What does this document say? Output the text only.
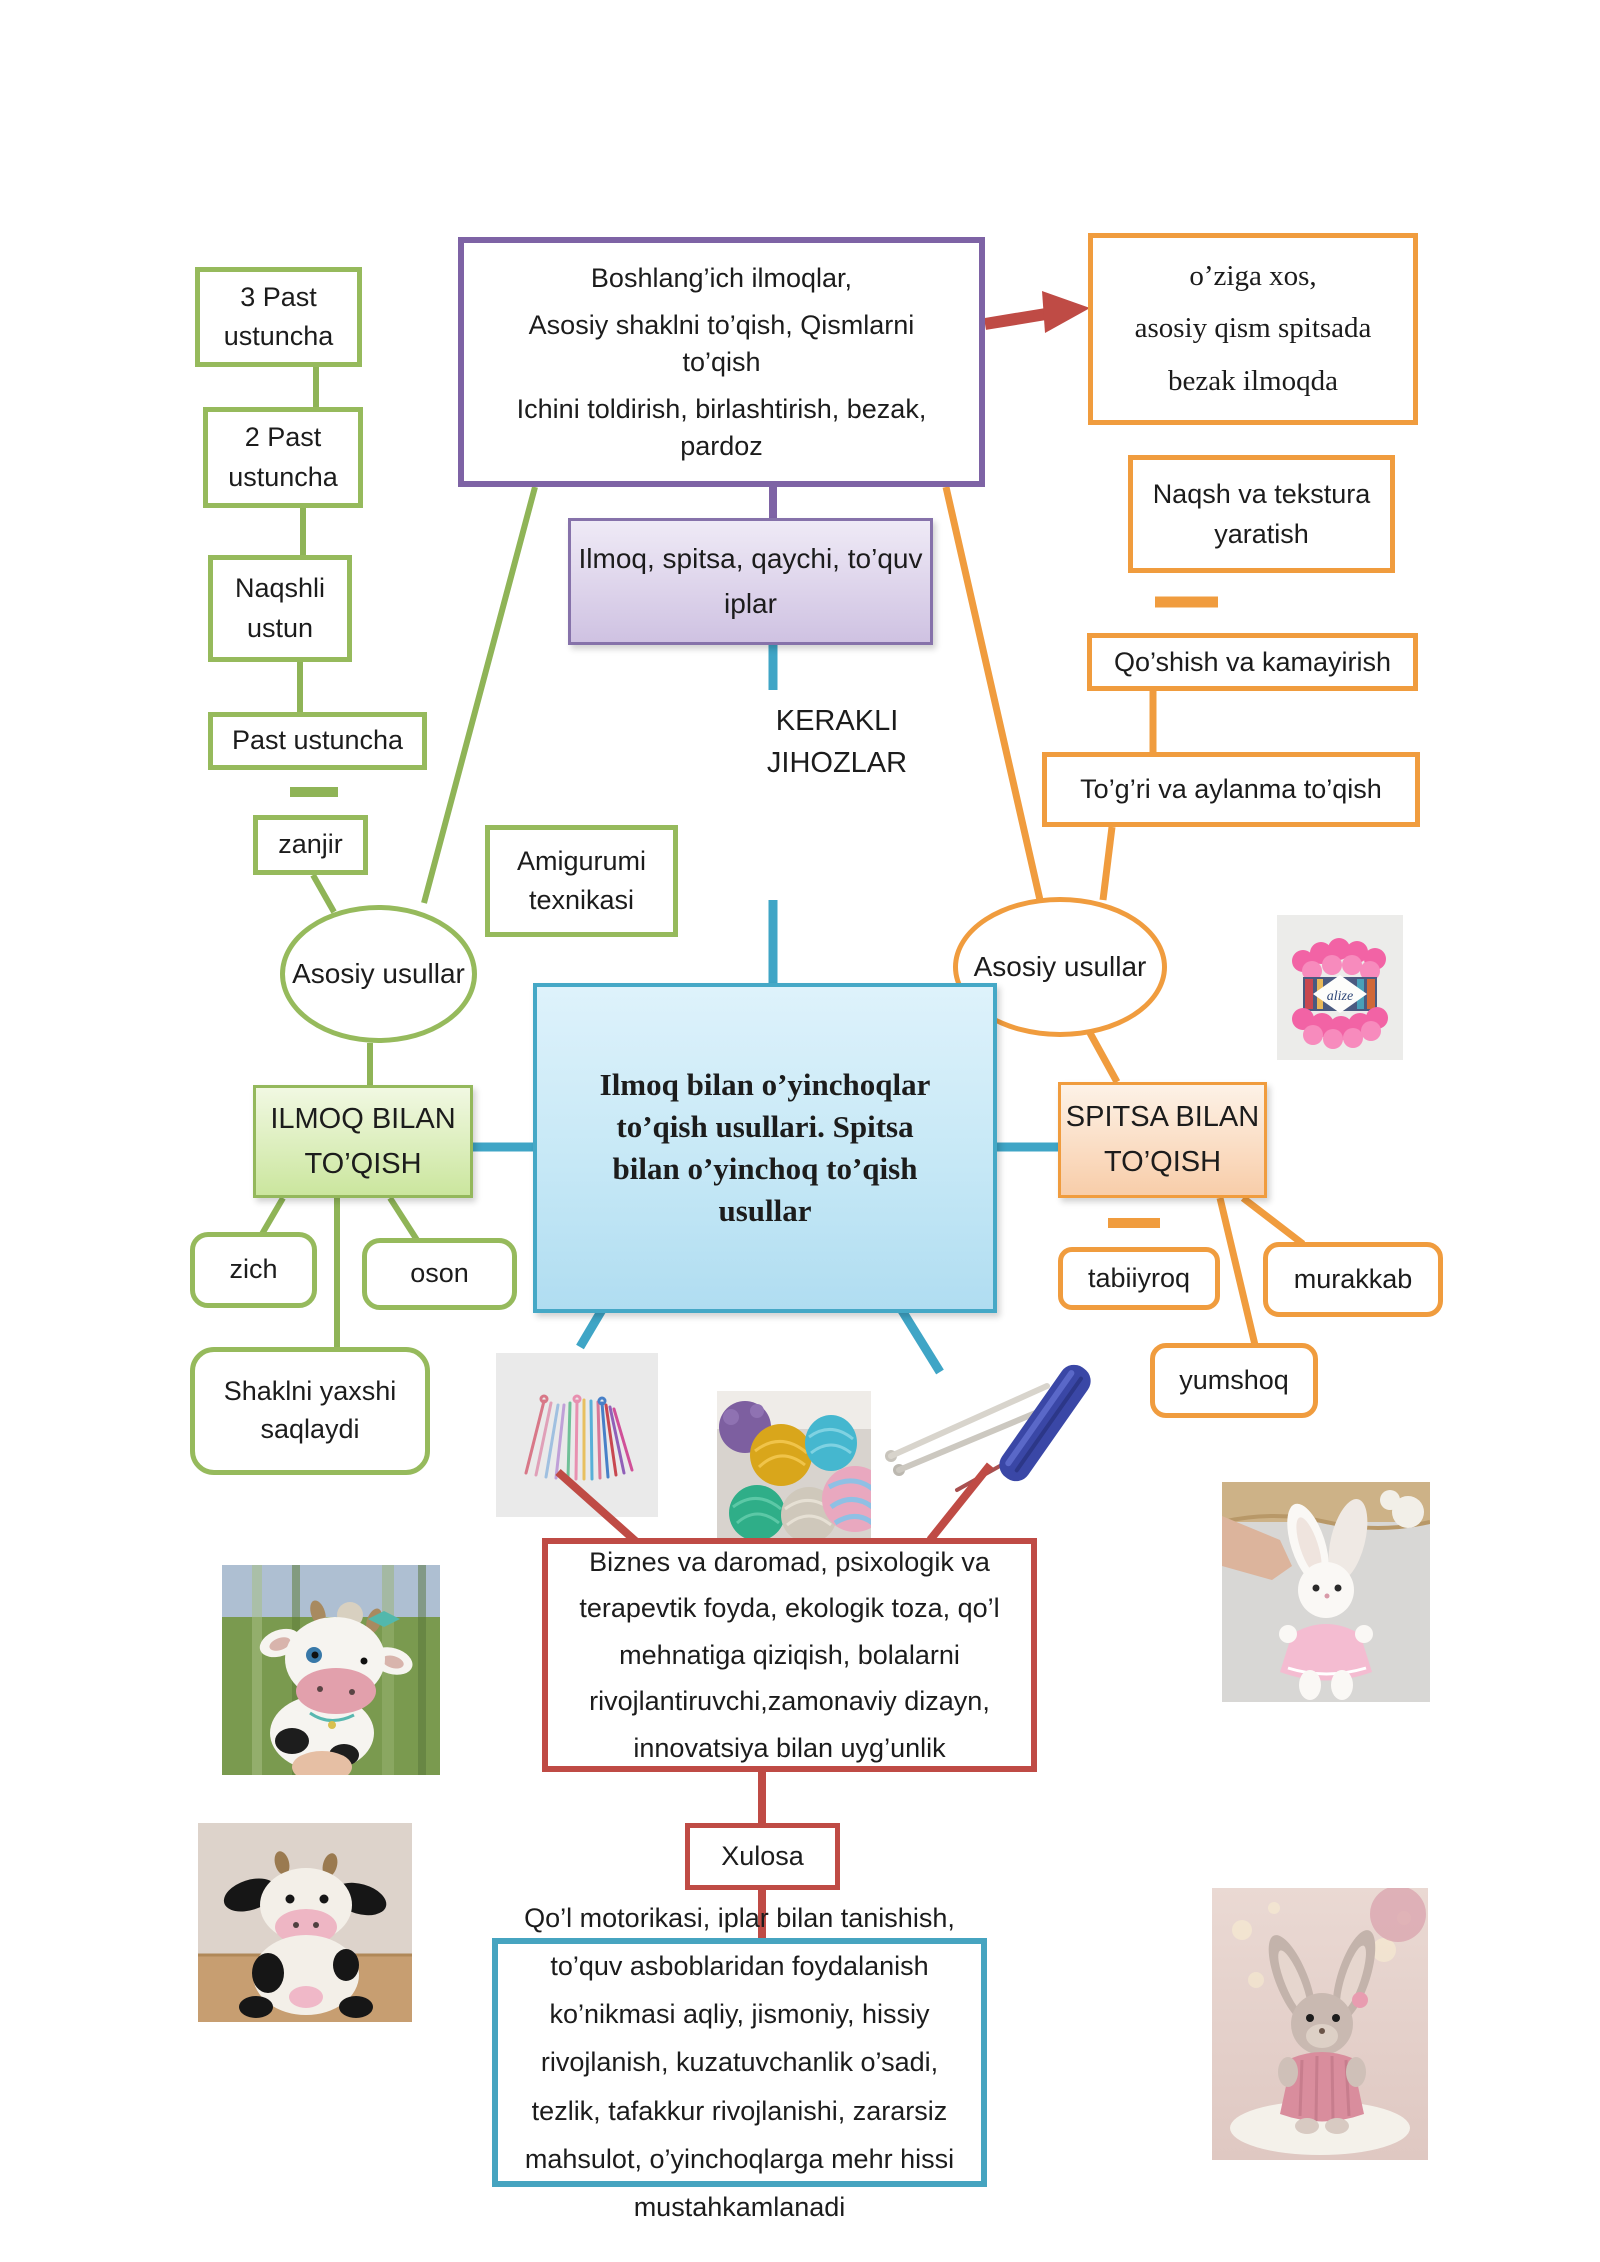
3 Past ustuncha
2 Past ustuncha
Naqshli ustun
Past ustuncha
zanjir
Asosiy usullar
ILMOQ BILAN TO’QISH
zich	oson
Shaklni yaxshi saqlaydi
Amigurumi texnikasi
Boshlang’ich ilmoqlar,
Asosiy shaklni to’qish, Qismlarni to’qish
Ichini toldirish, birlashtirish, bezak, pardoz
Ilmoq, spitsa, qaychi, to’quv iplar
KERAKLI
JIHOZLAR
o’ziga xos,
asosiy qism spitsada
bezak ilmoqda
Naqsh va tekstura yaratish
Qo’shish va kamayirish
To’g’ri va aylanma to’qish
Asosiy usullar
SPITSA BILAN TO’QISH
tabiiyroq	murakkab
yumshoq
Ilmoq bilan o’yinchoqlar to’qish usullari. Spitsa bilan o’yinchoq to’qish usullar
Biznes va daromad, psixologik va terapevtik foyda, ekologik toza, qo’l mehnatiga qiziqish, bolalarni rivojlantiruvchi,zamonaviy dizayn, innovatsiya bilan uyg’unlik
Xulosa
Qo’l motorikasi, iplar bilan tanishish, to’quv asboblaridan foydalanish ko’nikmasi aqliy, jismoniy, hissiy rivojlanish, kuzatuvchanlik o’sadi, tezlik, tafakkur rivojlanishi, zararsiz mahsulot, o’yinchoqlarga mehr hissi mustahkamlanadi
alize
